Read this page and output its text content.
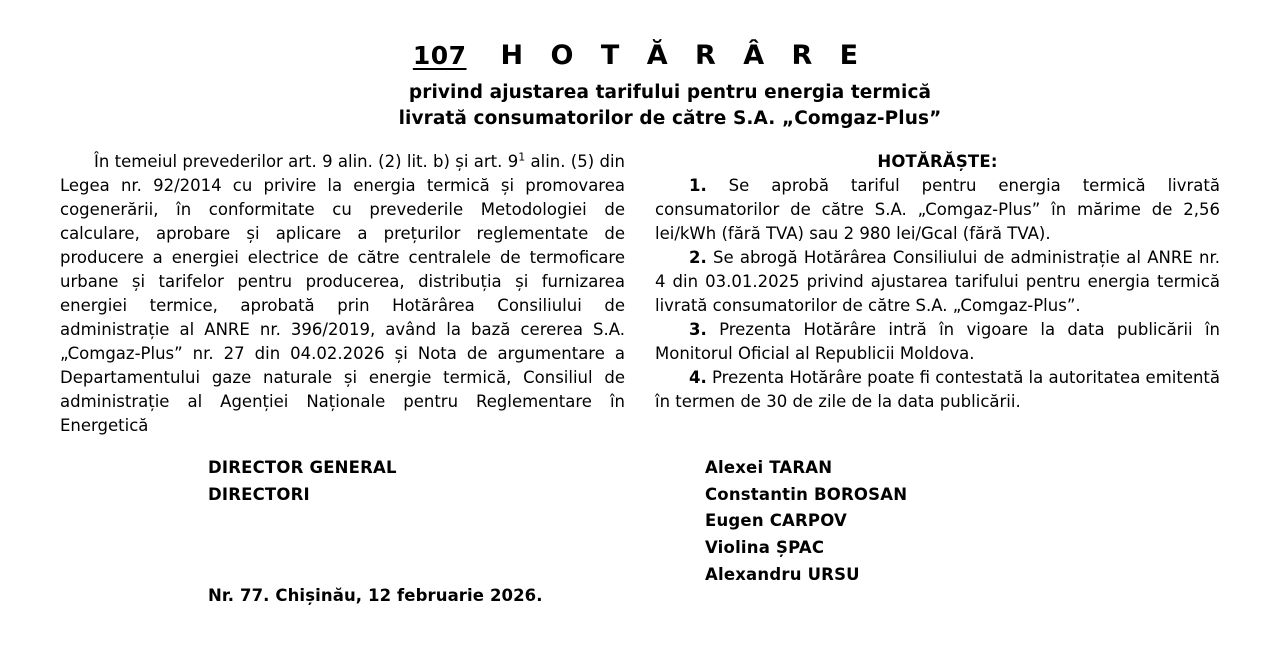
107 H O T Ă R Â R E
privind ajustarea tarifului pentru energia termică
livrată consumatorilor de către S.A. „Comgaz-Plus”

În temeiul prevederilor art. 9 alin. (2) lit. b) și art. $9^1$ alin. (5) din Legea nr. 92/2014 cu privire la energia termică și promovarea cogenerării, în conformitate cu prevederile Metodologiei de calculare, aprobare și aplicare a prețurilor reglementate de producere a energiei electrice de către centralele de termoficare urbane și tarifelor pentru producerea, distribuția și furnizarea energiei termice, aprobată prin Hotărârea Consiliului de administrație al ANRE nr. 396/2019, având la bază cererea S.A. „Comgaz-Plus” nr. 27 din 04.02.2026 și Nota de argumentare a Departamentului gaze naturale și energie termică, Consiliul de administrație al Agenției Naționale pentru Reglementare în Energetică

HOTĂRĂȘTE:

1. Se aprobă tariful pentru energia termică livrată consumatorilor de către S.A. „Comgaz-Plus” în mărime de 2,56 lei/kWh (fără TVA) sau 2 980 lei/Gcal (fără TVA).

2. Se abrogă Hotărârea Consiliului de administrație al ANRE nr. 4 din 03.01.2025 privind ajustarea tarifului pentru energia termică livrată consumatorilor de către S.A. „Comgaz-Plus”.

3. Prezenta Hotărâre intră în vigoare la data publicării în Monitorul Oficial al Republicii Moldova.

4. Prezenta Hotărâre poate fi contestată la autoritatea emitentă în termen de 30 de zile de la data publicării.

DIRECTOR GENERAL
DIRECTORI
Alexei TARAN
Constantin BOROSAN
Eugen CARPOV
Violina ȘPAC
Alexandru URSU
Nr. 77. Chișinău, 12 februarie 2026.
